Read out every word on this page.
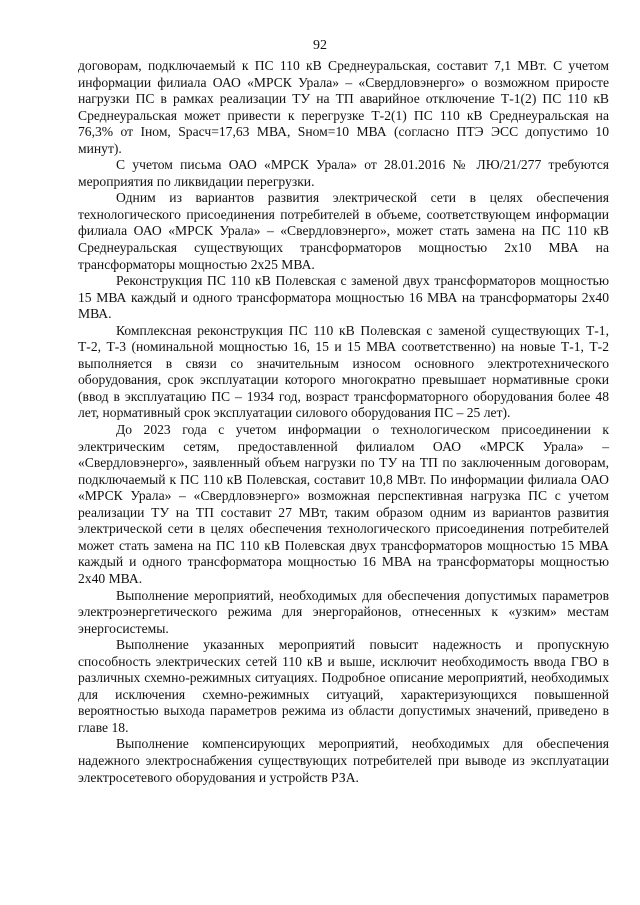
92

договорам, подключаемый к ПС 110 кВ Среднеуральская, составит 7,1 МВт. С учетом информации филиала ОАО «МРСК Урала» – «Свердловэнерго» о возможном приросте нагрузки ПС в рамках реализации ТУ на ТП аварийное отключение Т-1(2) ПС 110 кВ Среднеуральская может привести к перегрузке Т-2(1) ПС 110 кВ Среднеуральская на 76,3% от Iном, Sрасч=17,63 МВА, Sном=10 МВА (согласно ПТЭ ЭСС допустимо 10 минут).

С учетом письма ОАО «МРСК Урала» от 28.01.2016 № ЛЮ/21/277 требуются мероприятия по ликвидации перегрузки.

Одним из вариантов развития электрической сети в целях обеспечения технологического присоединения потребителей в объеме, соответствующем информации филиала ОАО «МРСК Урала» – «Свердловэнерго», может стать замена на ПС 110 кВ Среднеуральская существующих трансформаторов мощностью 2х10 МВА на трансформаторы мощностью 2х25 МВА.

Реконструкция ПС 110 кВ Полевская с заменой двух трансформаторов мощностью 15 МВА каждый и одного трансформатора мощностью 16 МВА на трансформаторы 2х40 МВА.

Комплексная реконструкция ПС 110 кВ Полевская с заменой существующих Т-1, Т-2, Т-3 (номинальной мощностью 16, 15 и 15 МВА соответственно) на новые Т-1, Т-2 выполняется в связи со значительным износом основного электротехнического оборудования, срок эксплуатации которого многократно превышает нормативные сроки (ввод в эксплуатацию ПС – 1934 год, возраст трансформаторного оборудования более 48 лет, нормативный срок эксплуатации силового оборудования ПС – 25 лет).

До 2023 года с учетом информации о технологическом присоединении к электрическим сетям, предоставленной филиалом ОАО «МРСК Урала» – «Свердловэнерго», заявленный объем нагрузки по ТУ на ТП по заключенным договорам, подключаемый к ПС 110 кВ Полевская, составит 10,8 МВт. По информации филиала ОАО «МРСК Урала» – «Свердловэнерго» возможная перспективная нагрузка ПС с учетом реализации ТУ на ТП составит 27 МВт, таким образом одним из вариантов развития электрической сети в целях обеспечения технологического присоединения потребителей может стать замена на ПС 110 кВ Полевская двух трансформаторов мощностью 15 МВА каждый и одного трансформатора мощностью 16 МВА на трансформаторы мощностью 2х40 МВА.

Выполнение мероприятий, необходимых для обеспечения допустимых параметров электроэнергетического режима для энергорайонов, отнесенных к «узким» местам энергосистемы.

Выполнение указанных мероприятий повысит надежность и пропускную способность электрических сетей 110 кВ и выше, исключит необходимость ввода ГВО в различных схемно-режимных ситуациях. Подробное описание мероприятий, необходимых для исключения схемно-режимных ситуаций, характеризующихся повышенной вероятностью выхода параметров режима из области допустимых значений, приведено в главе 18.

Выполнение компенсирующих мероприятий, необходимых для обеспечения надежного электроснабжения существующих потребителей при выводе из эксплуатации электросетевого оборудования и устройств РЗА.
